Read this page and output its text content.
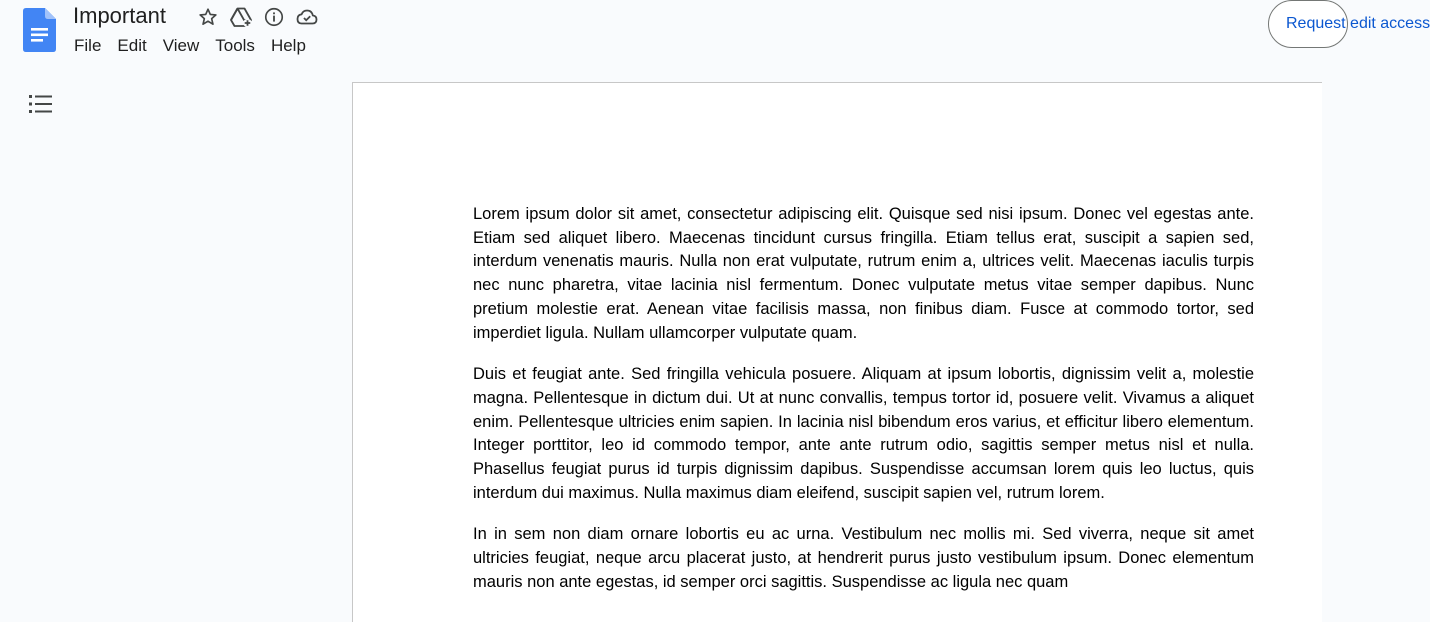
Important
File Edit View Tools Help
Request edit access

Lorem ipsum dolor sit amet, consectetur adipiscing elit. Quisque sed nisi ipsum. Donec vel egestas ante. Etiam sed aliquet libero. Maecenas tincidunt cursus fringilla. Etiam tellus erat, suscipit a sapien sed, interdum venenatis mauris. Nulla non erat vulputate, rutrum enim a, ultrices velit. Maecenas iaculis turpis nec nunc pharetra, vitae lacinia nisl fermentum. Donec vulputate metus vitae semper dapibus. Nunc pretium molestie erat. Aenean vitae facilisis massa, non finibus diam. Fusce at commodo tortor, sed imperdiet ligula. Nullam ullamcorper vulputate quam.

Duis et feugiat ante. Sed fringilla vehicula posuere. Aliquam at ipsum lobortis, dignissim velit a, molestie magna. Pellentesque in dictum dui. Ut at nunc convallis, tempus tortor id, posuere velit. Vivamus a aliquet enim. Pellentesque ultricies enim sapien. In lacinia nisl bibendum eros varius, et efficitur libero elementum. Integer porttitor, leo id commodo tempor, ante ante rutrum odio, sagittis semper metus nisl et nulla. Phasellus feugiat purus id turpis dignissim dapibus. Suspendisse accumsan lorem quis leo luctus, quis interdum dui maximus. Nulla maximus diam eleifend, suscipit sapien vel, rutrum lorem.

In in sem non diam ornare lobortis eu ac urna. Vestibulum nec mollis mi. Sed viverra, neque sit amet ultricies feugiat, neque arcu placerat justo, at hendrerit purus justo vestibulum ipsum. Donec elementum mauris non ante egestas, id semper orci sagittis. Suspendisse ac ligula nec quam
